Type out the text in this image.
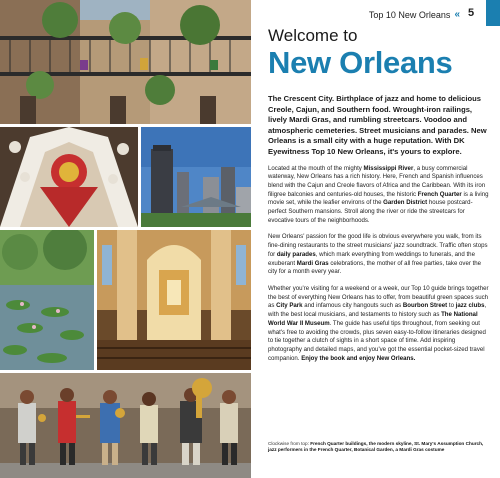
Top 10 New Orleans « 5
Welcome to
New Orleans

The Crescent City. Birthplace of jazz and home to delicious Creole, Cajun, and Southern food. Wrought-iron railings, lively Mardi Gras, and rumbling streetcars. Voodoo and atmospheric cemeteries. Street musicians and parades. New Orleans is a small city with a huge reputation. With DK Eyewitness Top 10 New Orleans, it's yours to explore.

Located at the mouth of the mighty Mississippi River, a busy commercial waterway, New Orleans has a rich history. Here, French and Spanish influences blend with the Cajun and Creole flavors of Africa and the Caribbean. With its iron filigree balconies and centuries-old houses, the historic French Quarter is a living movie set, while the leafier environs of the Garden District house postcard-perfect Southern mansions. Stroll along the river or ride the streetcars for evocative tours of the neighborhoods.

New Orleans' passion for the good life is obvious everywhere you walk, from its fine-dining restaurants to the street musicians' jazz soundtrack. Traffic often stops for daily parades, which mark everything from weddings to funerals, and the exuberant Mardi Gras celebrations, the mother of all free parties, take over the city for a month every year.

Whether you're visiting for a weekend or a week, our Top 10 guide brings together the best of everything New Orleans has to offer, from beautiful green spaces such as City Park and infamous city hangouts such as Bourbon Street to jazz clubs, with the best local musicians, and testaments to history such as The National World War II Museum. The guide has useful tips throughout, from seeking out what's free to avoiding the crowds, plus seven easy-to-follow itineraries designed to tie together a clutch of sights in a short space of time. Add inspiring photography and detailed maps, and you've got the essential pocket-sized travel companion. Enjoy the book and enjoy New Orleans.

Clockwise from top: French Quarter buildings, the modern skyline, St. Mary's Assumption Church, jazz performers in the French Quarter, Botanical Garden, a Mardi Gras costume
